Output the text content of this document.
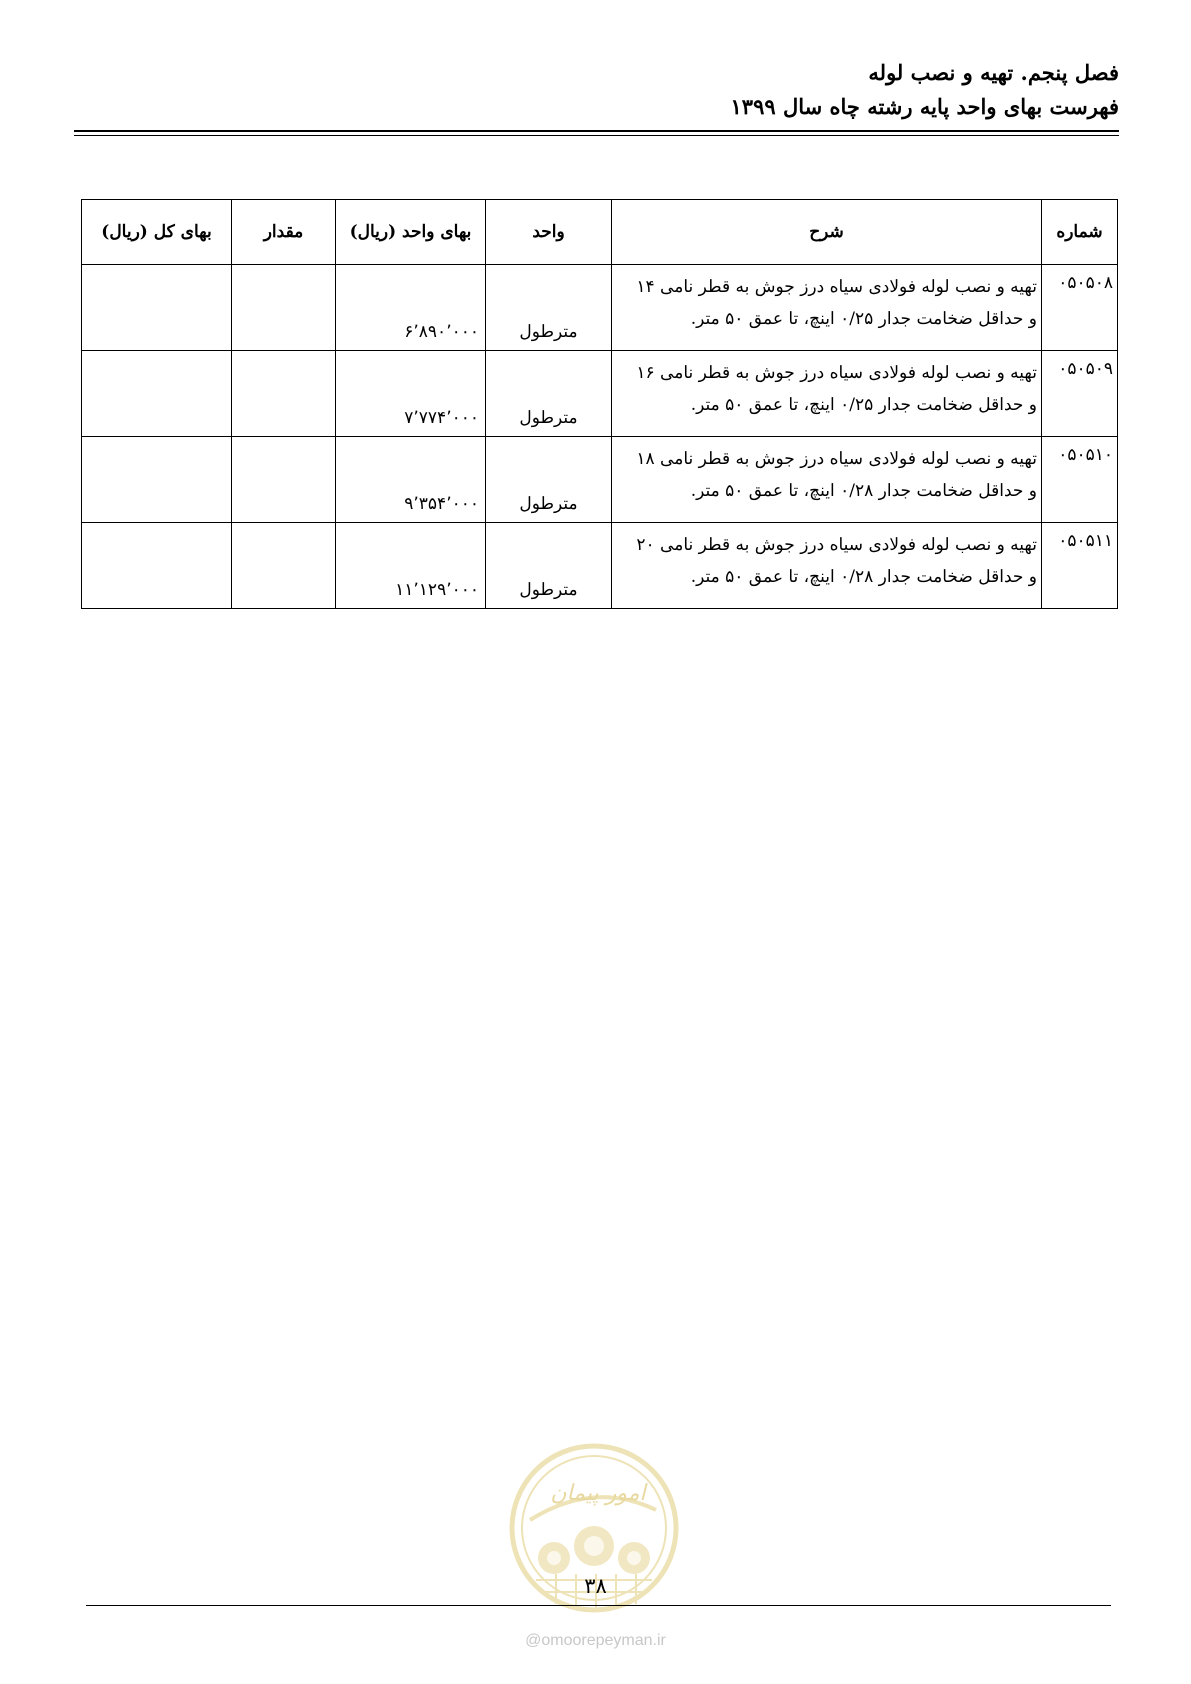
فصل پنجم. تهیه و نصب لوله
فهرست بهای واحد پایه رشته چاه سال ۱۳۹۹
شماره	شرح	واحد	بهای واحد (ریال)	مقدار	بهای کل (ریال)
۰۵۰۵۰۸	تهیه و نصب لوله فولادی سیاه درز جوش به قطر نامی ۱۴
و حداقل ضخامت جدار ۰/۲۵ اینچ، تا عمق ۵۰ متر.	مترطول	۶٬۸۹۰٬۰۰۰		
۰۵۰۵۰۹	تهیه و نصب لوله فولادی سیاه درز جوش به قطر نامی ۱۶
و حداقل ضخامت جدار ۰/۲۵ اینچ، تا عمق ۵۰ متر.	مترطول	۷٬۷۷۴٬۰۰۰		
۰۵۰۵۱۰	تهیه و نصب لوله فولادی سیاه درز جوش به قطر نامی ۱۸
و حداقل ضخامت جدار ۰/۲۸ اینچ، تا عمق ۵۰ متر.	مترطول	۹٬۳۵۴٬۰۰۰		
۰۵۰۵۱۱	تهیه و نصب لوله فولادی سیاه درز جوش به قطر نامی ۲۰
و حداقل ضخامت جدار ۰/۲۸ اینچ، تا عمق ۵۰ متر.	مترطول	۱۱٬۱۲۹٬۰۰۰		
امور پیمان
۳۸
@omoorepeyman.ir
